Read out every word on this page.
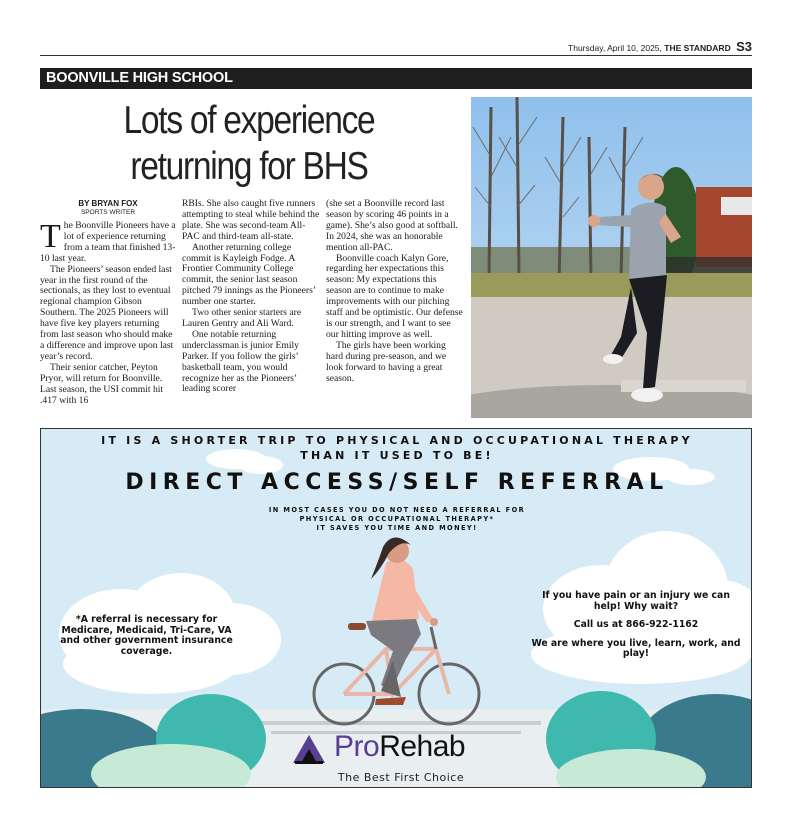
Thursday, April 10, 2025, THE STANDARD S3
BOONVILLE HIGH SCHOOL
Lots of experience
returning for BHS
BY BRYAN FOX
SPORTS WRITER

The Boonville Pioneers have a lot of experience returning from a team that finished 13-10 last year.

The Pioneers’ season ended last year in the first round of the sectionals, as they lost to eventual regional champion Gibson Southern. The 2025 Pioneers will have five key players returning from last season who should make a difference and improve upon last year’s record.

Their senior catcher, Peyton Pryor, will return for Boonville. Last season, the USI commit hit .417 with 16

RBIs. She also caught five runners attempting to steal while behind the plate. She was second-team All-PAC and third-team all-state.

Another returning college commit is Kayleigh Fodge. A Frontier Community College commit, the senior last season pitched 79 innings as the Pioneers’ number one starter.

Two other senior starters are Lauren Gentry and Ali Ward.

One notable returning underclassman is junior Emily Parker. If you follow the girls’ basketball team, you would recognize her as the Pioneers’ leading scorer

(she set a Boonville record last season by scoring 46 points in a game). She’s also good at softball. In 2024, she was an honorable mention all-PAC.

Boonville coach Kalyn Gore, regarding her expectations this season: My expectations this season are to continue to make improvements with our pitching staff and be optimistic. Our defense is our strength, and I want to see our hitting improve as well.

The girls have been working hard during pre-season, and we look forward to having a great season.

IT IS A SHORTER TRIP TO PHYSICAL AND OCCUPATIONAL THERAPY
THAN IT USED TO BE!
DIRECT ACCESS/SELF REFERRAL
IN MOST CASES YOU DO NOT NEED A REFERRAL FOR
PHYSICAL OR OCCUPATIONAL THERAPY*
IT SAVES YOU TIME AND MONEY!
*A referral is necessary for Medicare, Medicaid, Tri-Care, VA and other government insurance coverage.
If you have pain or an injury we can help! Why wait?
Call us at 866-922-1162
We are where you live, learn, work, and play!
ProRehab
The Best First Choice
